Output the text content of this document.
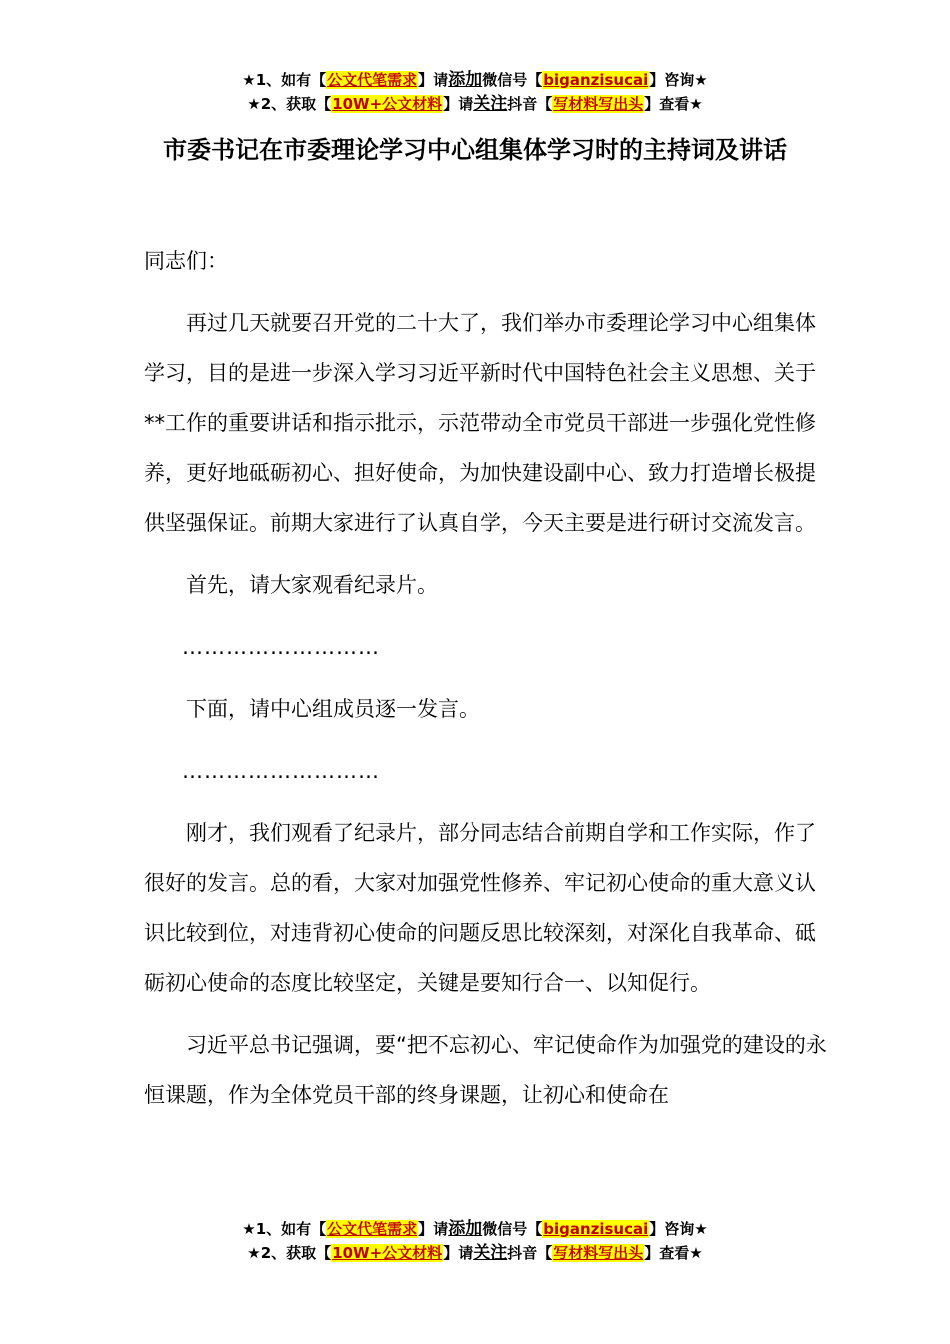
★1、如有【公文代笔需求】请添加微信号【biganzisucai】咨询★
★2、获取【10W+公文材料】请关注抖音【写材料写出头】查看★
市委书记在市委理论学习中心组集体学习时的主持词及讲话

同志们：

再过几天就要召开党的二十大了，我们举办市委理论学习中心组集体学习，目的是进一步深入学习习近平新时代中国特色社会主义思想、关于**工作的重要讲话和指示批示，示范带动全市党员干部进一步强化党性修养，更好地砥砺初心、担好使命，为加快建设副中心、致力打造增长极提供坚强保证。前期大家进行了认真自学，今天主要是进行研讨交流发言。

首先，请大家观看纪录片。

………………………

下面，请中心组成员逐一发言。

………………………

刚才，我们观看了纪录片，部分同志结合前期自学和工作实际，作了很好的发言。总的看，大家对加强党性修养、牢记初心使命的重大意义认识比较到位，对违背初心使命的问题反思比较深刻，对深化自我革命、砥砺初心使命的态度比较坚定，关键是要知行合一、以知促行。

习近平总书记强调，要“把不忘初心、牢记使命作为加强党的建设的永恒课题，作为全体党员干部的终身课题，让初心和使命在

★1、如有【公文代笔需求】请添加微信号【biganzisucai】咨询★
★2、获取【10W+公文材料】请关注抖音【写材料写出头】查看★
